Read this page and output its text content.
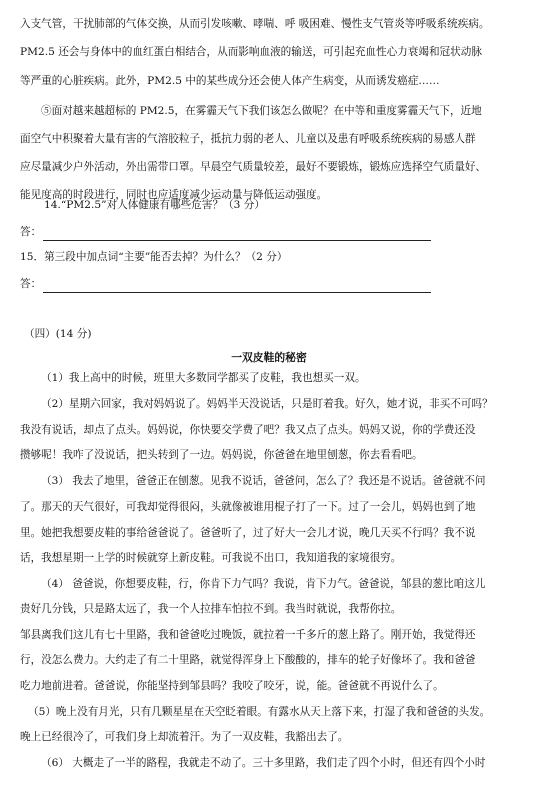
入支气管，干扰肺部的气体交换，从而引发咳嗽、哮喘、呼 吸困难、慢性支气管炎等呼吸系统疾病。
PM2.5 还会与身体中的血红蛋白相结合，从而影响血液的输送，可引起充血性心力衰竭和冠状动脉
等严重的心脏疾病。此外，PM2.5 中的某些成分还会使人体产生病变，从而诱发癌症……
⑤面对越来越超标的 PM2.5，在雾霾天气下我们该怎么做呢？在中等和重度雾霾天气下，近地
面空气中积聚着大量有害的气溶胶粒子，抵抗力弱的老人、儿童以及患有呼吸系统疾病的易感人群
应尽量减少户外活动，外出需带口罩。早晨空气质量较差，最好不要锻炼，锻炼应选择空气质量好、
能见度高的时段进行，同时也应适度减少运动量与降低运动强度。
14.“PM2.5”对人体健康有哪些危害？（3 分）
答：
15．第三段中加点词“主要”能否去掉？为什么？（2 分）
答：
（四）(14 分)
一双皮鞋的秘密
（1）我上高中的时候，班里大多数同学都买了皮鞋，我也想买一双。
（2）星期六回家，我对妈妈说了。妈妈半天没说话，只是盯着我。好久，她才说，非买不可吗？
我没有说话，却点了点头。妈妈说，你快要交学费了吧？我又点了点头。妈妈又说，你的学费还没
攒够呢！我咋了没说话，把头转到了一边。妈妈说，你爸爸在地里刨葱，你去看看吧。
（3） 我去了地里，爸爸正在刨葱。见我不说话，爸爸问，怎么了？我还是不说话。爸爸就不问
了。那天的天气很好，可我却觉得很闷，头就像被谁用棍子打了一下。过了一会儿，妈妈也到了地
里。她把我想要皮鞋的事给爸爸说了。爸爸听了，过了好大一会儿才说，晚几天买不行吗？我不说
话，我想星期一上学的时候就穿上新皮鞋。可我说不出口，我知道我的家境很穷。
（4） 爸爸说，你想要皮鞋，行，你肯下力气吗？我说，肯下力气。爸爸说，邹县的葱比咱这儿
贵好几分钱，只是路太远了，我一个人拉排车怕拉不到。我当时就说，我帮你拉。
邹县离我们这儿有七十里路，我和爸爸吃过晚饭，就拉着一千多斤的葱上路了。刚开始，我觉得还
行，没怎么费力。大约走了有二十里路，就觉得浑身上下酸酸的，排车的轮子好像坏了。我和爸爸
吃力地前进着。爸爸说，你能坚持到邹县吗？我咬了咬牙，说，能。爸爸就不再说什么了。
（5）晚上没有月光，只有几颗星星在天空眨着眼。有露水从天上落下来，打湿了我和爸爸的头发。
晚上已经很冷了，可我们身上却流着汗。为了一双皮鞋，我豁出去了。
（6） 大概走了一半的路程，我就走不动了。三十多里路，我们走了四个小时，但还有四个小时
